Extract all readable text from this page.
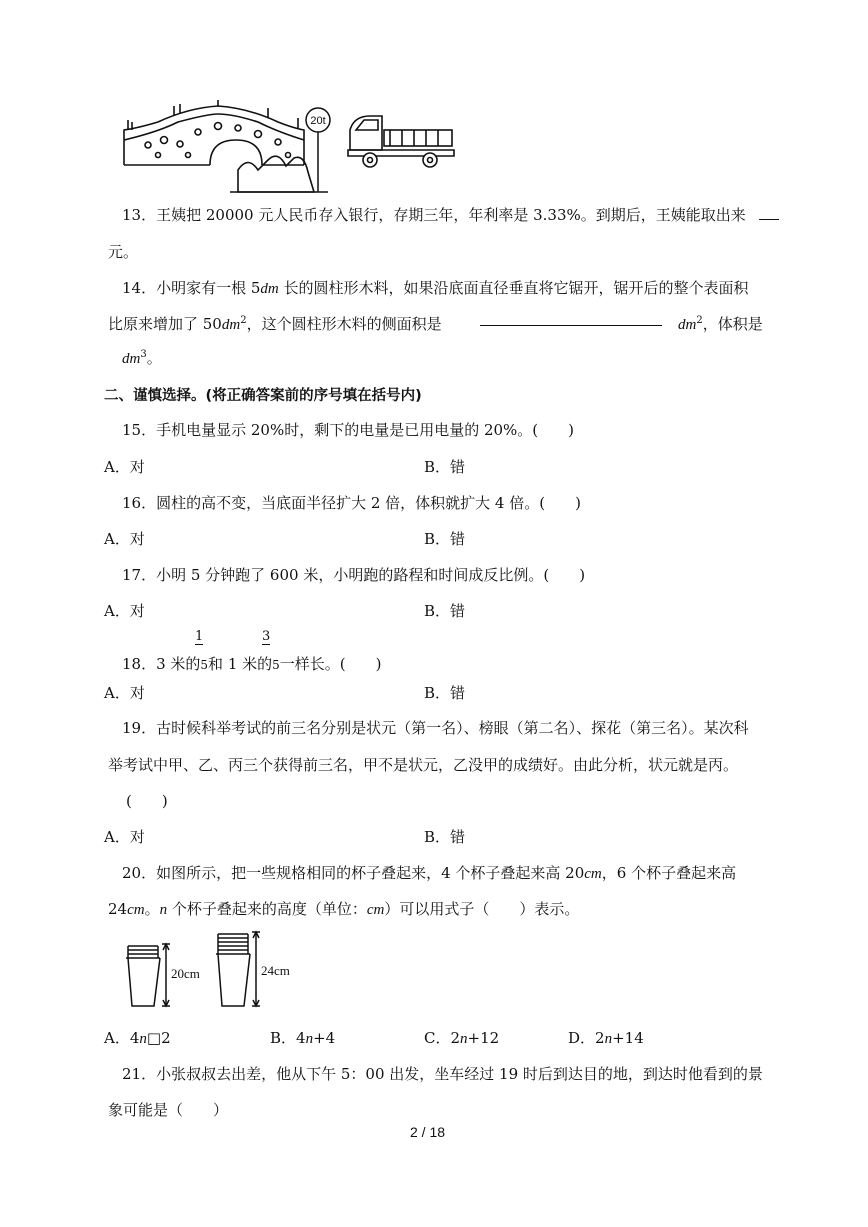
20t
13．王姨把 20000 元人民币存入银行，存期三年，年利率是 3.33%。到期后，王姨能取出来
元。
14．小明家有一根 5dm 长的圆柱形木料，如果沿底面直径垂直将它锯开，锯开后的整个表面积
比原来增加了 $50dm^2$，这个圆柱形木料的侧面积是	$dm^2$，体积是
$dm^3$。
二、谨慎选择。(将正确答案前的序号填在括号内)
15．手机电量显示 20%时，剩下的电量是已用电量的 20%。(　　)
A．对	B．错
16．圆柱的高不变，当底面半径扩大 2 倍，体积就扩大 4 倍。(　　)
A．对	B．错
17．小明 5 分钟跑了 600 米，小明跑的路程和时间成反比例。(　　)
A．对	B．错
1	3
18．3 米的5和 1 米的5一样长。(　　)
A．对	B．错
19．古时候科举考试的前三名分别是状元（第一名）、榜眼（第二名）、探花（第三名）。某次科
举考试中甲、乙、丙三个获得前三名，甲不是状元，乙没甲的成绩好。由此分析，状元就是丙。
(　　)
A．对	B．错
20．如图所示，把一些规格相同的杯子叠起来，4 个杯子叠起来高 20cm，6 个杯子叠起来高
24cm。n 个杯子叠起来的高度（单位：cm）可以用式子（　　）表示。
20cm	24cm
A．4n□2	B．4n+4	C．2n+12	D．2n+14
21．小张叔叔去出差，他从下午 5：00 出发，坐车经过 19 时后到达目的地，到达时他看到的景
象可能是（　　）
2 / 18
